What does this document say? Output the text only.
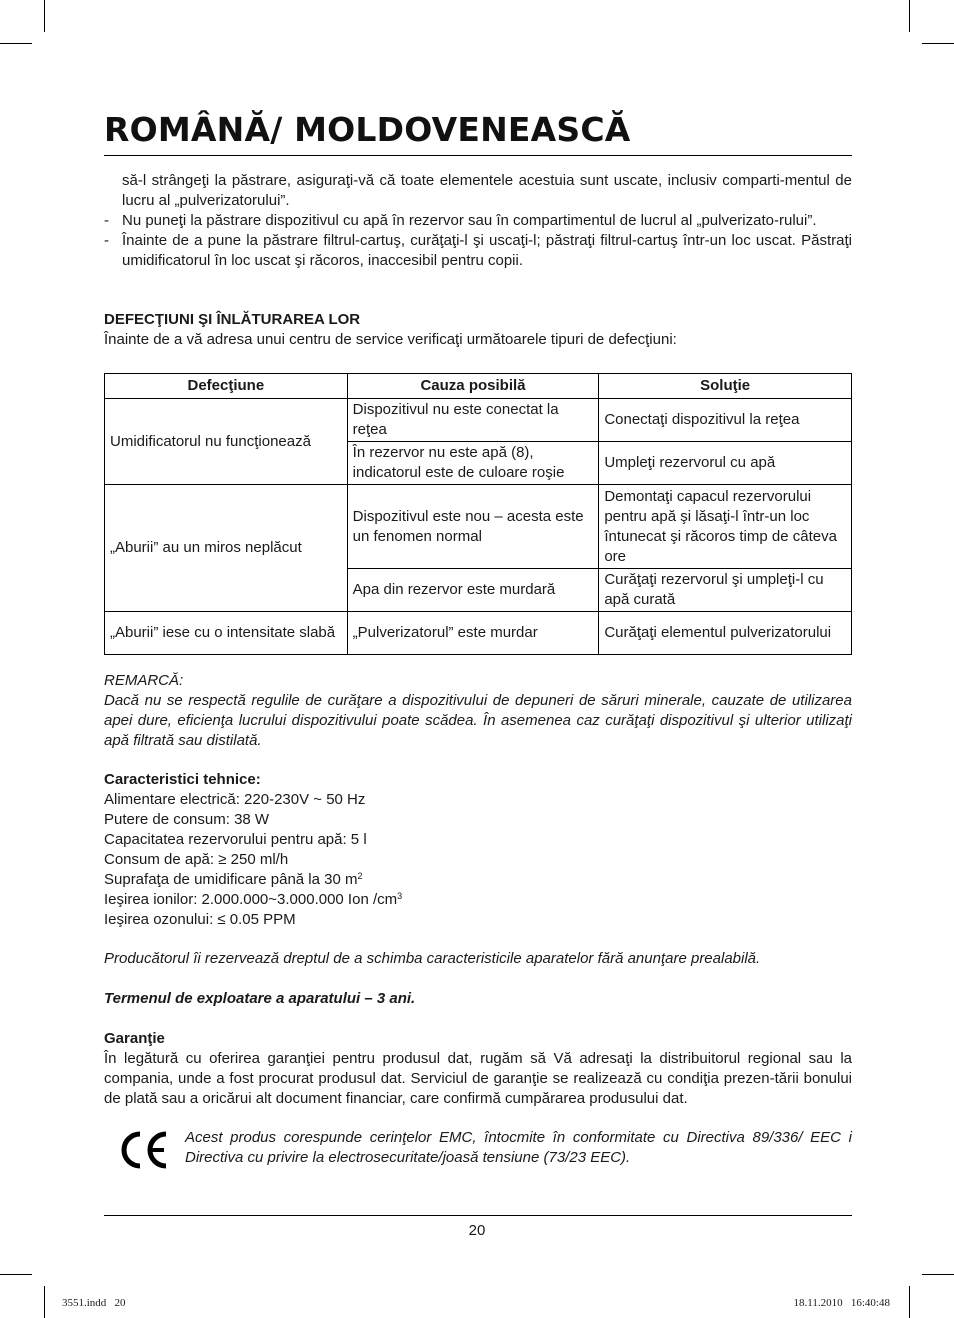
ROMÂNĂ/ MOLDOVENEASCĂ

să-l strângeţi la păstrare, asiguraţi-vă că toate elementele acestuia sunt uscate, inclusiv comparti-mentul de lucru al „pulverizatorului”.

- Nu puneţi la păstrare dispozitivul cu apă în rezervor sau în compartimentul de lucrul al „pulverizato-rului”.
- Înainte de a pune la păstrare filtrul-cartuş, curăţaţi-l şi uscaţi-l; păstraţi filtrul-cartuş într-un loc uscat. Păstraţi umidificatorul în loc uscat şi răcoros, inaccesibil pentru copii.

DEFECŢIUNI ŞI ÎNLĂTURAREA LOR

Înainte de a vă adresa unui centru de service verificaţi următoarele tipuri de defecţiuni:

Defecţiune	Cauza posibilă	Soluţie
Umidificatorul nu funcţionează	Dispozitivul nu este conectat la reţea	Conectaţi dispozitivul la reţea
	În rezervor nu este apă (8), indicatorul este de culoare roşie	Umpleţi rezervorul cu apă
„Aburii” au un miros neplăcut	Dispozitivul este nou – acesta este un fenomen normal	Demontaţi capacul rezervorului pentru apă şi lăsaţi-l într-un loc întunecat şi răcoros timp de câteva ore
	Apa din rezervor este murdară	Curăţaţi rezervorul şi umpleţi-l cu apă curată
„Aburii” iese cu o intensitate slabă	„Pulverizatorul” este murdar	Curăţaţi elementul pulverizatorului

REMARCĂ:

Dacă nu se respectă regulile de curăţare a dispozitivului de depuneri de săruri minerale, cauzate de utilizarea apei dure, eficienţa lucrului dispozitivului poate scădea. În asemenea caz curăţaţi dispozitivul şi ulterior utilizaţi apă filtrată sau distilată.

Caracteristici tehnice:

Alimentare electrică: 220-230V ~ 50 Hz

Putere de consum: 38 W

Capacitatea rezervorului pentru apă: 5 l

Consum de apă: ≥ 250 ml/h

Suprafaţa de umidificare până la 30 $m^2$

Ieşirea ionilor: 2.000.000~3.000.000 Ion $/cm^3$

Ieşirea ozonului: ≤ 0.05 PPM

Producătorul îi rezervează dreptul de a schimba caracteristicile aparatelor fără anunţare prealabilă.
Termenul de exploatare a aparatului – 3 ani.

Garanţie

În legătură cu oferirea garanţiei pentru produsul dat, rugăm să Vă adresaţi la distribuitorul regional sau la compania, unde a fost procurat produsul dat. Serviciul de garanţie se realizează cu condiţia prezen-tării bonului de plată sau a oricărui alt document financiar, care confirmă cumpărarea produsului dat.

Acest produs corespunde cerinţelor EMC, întocmite în conformitate cu Directiva 89/336/ EEC i Directiva cu privire la electrosecuritate/joasă tensiune (73/23 EEC).
20
3551.indd   20	18.11.2010   16:40:48
